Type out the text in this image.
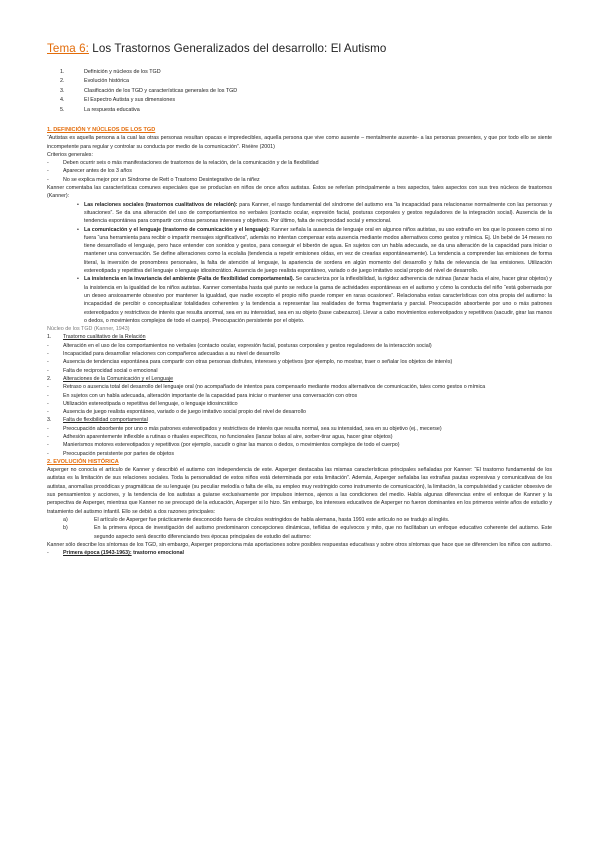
Tema 6: Los Trastornos Generalizados del desarrollo: El Autismo
1.	Definición y núcleos de los TGD
2.	Evolución histórica
3.	Clasificación de los TGD y características generales de los TGD
4.	El Espectro Autista y sus dimensiones
5.	La respuesta educativa

1. DEFINICIÓN Y NÚCLEOS DE LOS TGD

“Autistas es aquella persona a la cual las otras personas resultan opacas e impredecibles, aquella persona que vive como ausente – mentalmente ausente- a las personas presentes, y que por todo ello se siente incompetente para regular y controlar su conducta por medio de la comunicación”. Rivière (2001)

Criterios generales:

- Deben ocurrir seis o más manifestaciones de trastornos de la relación, de la comunicación y de la flexibilidad

- Aparecer antes de los 3 años

- No se explica mejor por un Síndrome de Rett o Trastorno Desintegrativo de la niñez

Kanner comentaba las características comunes especiales que se producían en niños de once años autistas. Éstos se referían principalmente a tres aspectos, tales aspectos con sus tres núcleos de trastornos (Kanner):

• Las relaciones sociales (trastornos cualitativos de relación): para Kanner, el rasgo fundamental del síndrome del autismo era “la incapacidad para relacionarse normalmente con las personas y situaciones”. Se da una alteración del uso de comportamientos no verbales (contacto ocular, expresión facial, posturas corporales y gestos reguladores de la integración social). Ausencia de la tendencia espontánea para compartir con otras personas intereses y objetivos. Por último, falta de reciprocidad social y emocional.

• La comunicación y el lenguaje (trastorno de comunicación y el lenguaje): Kanner señala la ausencia de lenguaje oral en algunos niños autistas, su uso extraño en los que lo poseen como si no fuera “una herramienta para recibir o impartir mensajes significativos”, además no intentan compensar esta ausencia mediante modos alternativos como gestos y mímica. Ej. Un bebé de 14 meses no tiene desarrollado el lenguaje, pero hace entender con sonidos y gestos, para conseguir el biberón de agua. En sujetos con un habla adecuada, se da una alteración de la capacidad para iniciar o mantener una conversación. Se define alteraciones como la ecolalia (tendencia a repetir emisiones oídas, en vez de crearlas espontáneamente). La tendencia a comprender las emisiones de forma literal, la inversión de pronombres personales, la falta de atención al lenguaje, la apariencia de sordera en algún momento del desarrollo y falta de relevancia de las emisiones. Utilización estereotipada y repetitiva del lenguaje o lenguaje idiosincrático. Ausencia de juego realista espontáneo, variado o de juego imitativo social propio del nivel de desarrollo.

• La insistencia en la invariancia del ambiente (Falta de flexibilidad comportamental). Se caracteriza por la inflexibilidad, la rigidez adherencia de rutinas (lanzar hacia el aire, hacer girar objetos) y la insistencia en la igualdad de los niños autistas. Kanner comentaba hasta qué punto se reduce la gama de actividades espontáneas en el autismo y cómo la conducta del niño “está gobernada por un deseo ansiosamente obsesivo por mantener la igualdad, que nadie excepto el propio niño puede romper en raras ocasiones”. Relacionaba estas características con otra propia del autismo: la incapacidad de percibir o conceptualizar totalidades coherentes y la tendencia a representar las realidades de forma fragmentaria y parcial. Preocupación absorbente por uno o más patrones estereotipados y restrictivos de interés que resulta anormal, sea en su intensidad, sea en su objeto (base cabezazos). Llevar a cabo movimientos estereotipados y repetitivos (sacudir, girar las manos o dedos, o movimientos complejos de todo el cuerpo). Preocupación persistente por el objeto.

Núcleo de los TGD (Kanner, 1943)

1. Trastorno cualitativo de la Relación

- Alteración en el uso de los comportamientos no verbales (contacto ocular, expresión facial, posturas corporales y gestos reguladores de la interacción social)

- Incapacidad para desarrollar relaciones con compañeros adecuadas a su nivel de desarrollo

- Ausencia de tendencias espontánea para compartir con otras personas disfrutes, intereses y objetivos (por ejemplo, no mostrar, traer o señalar los objetos de interés)

- Falta de reciprocidad social o emocional

2. Alteraciones de la Comunicación y el Lenguaje

- Retraso o ausencia total del desarrollo del lenguaje oral (no acompañado de intentos para compensarlo mediante modos alternativos de comunicación, tales como gestos o mímica

- En sujetos con un habla adecuada, alteración importante de la capacidad para iniciar o mantener una conversación con otros

- Utilización estereotipada o repetitiva del lenguaje, o lenguaje idiosincrático

- Ausencia de juego realista espontáneo, variado o de juego imitativo social propio del nivel de desarrollo

3. Falta de flexibilidad comportamental

- Preocupación absorbente por uno o más patrones estereotipados y restrictivos de interés que resulta normal, sea su intensidad, sea en su objetivo (ej., mecerse)

- Adhesión aparentemente inflexible a rutinas o rituales específicos, no funcionales (lanzar bolas al aire, sorber-tirar agua, hacer girar objetos)

- Manierismos motores estereotipados y repetitivos (por ejemplo, sacudir o girar las manos o dedos, o movimientos complejos de todo el cuerpo)

- Preocupación persistente por partes de objetos

2. EVOLUCIÓN HISTÓRICA

Asperger no conocía el artículo de Kanner y describió el autismo con independencia de este. Asperger destacaba las mismas características principales señaladas por Kanner: “El trastorno fundamental de los autistas es la limitación de sus relaciones sociales. Toda la personalidad de estos niños está determinada por esta limitación”. Además, Asperger señalaba las extrañas pautas expresivas y comunicativas de los autistas, anomalías prosódicas y pragmáticas de su lenguaje (su peculiar melodía o falta de ella, su empleo muy restringido como instrumento de comunicación), la limitación, la compulsividad y carácter obsesivo de sus pensamientos y acciones, y la tendencia de los autistas a guiarse exclusivamente por impulsos internos, ajenos a las condiciones del medio. Había algunas diferencias entre el enfoque de Kanner y la perspectiva de Asperger, mientras que Kanner no se preocupó de la educación, Asperger si lo hizo. Sin embargo, los intereses educativos de Asperger no fueron dominantes en los primeros veinte años de estudio y tratamiento del autismo infantil. Ello se debió a dos razones principales:

a)	El artículo de Asperger fue prácticamente desconocido fuera de círculos restringidos de habla alemana, hasta 1991 este artículo no se tradujo al inglés.

b)	En la primera época de investigación del autismo predominaron concepciones dinámicas, teñidas de equívocos y mito, que no facilitaban un enfoque educativo coherente del autismo. Este segundo aspecto será descrito diferenciando tres épocas principales de estudio del autismo:

Kanner sólo describe los síntomas de los TGD, sin embargo, Asperger proporciona más aportaciones sobre posibles respuestas educativas y sobre otros síntomas que hace que se diferencien los niños con autismo.

- Primera época (1943-1963): trastorno emocional
